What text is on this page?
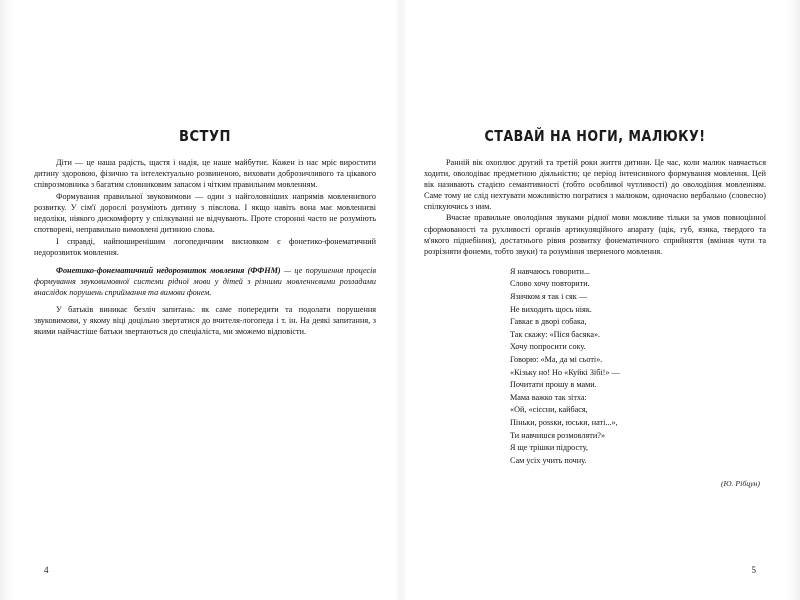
ВСТУП

Діти — це наша радість, щастя і надія, це наше майбутнє. Кожен із нас мріє виростити дитину здоровою, фізично та інтелектуально розвиненою, виховати доброзичливого та цікавого співрозмовника з багатим словниковим запасом і чітким правильним мовленням.

Формування правильної звуковимови — один з найголовніших напрямів мовленнєвого розвитку. У сім'ї дорослі розуміють дитину з півслова. І якщо навіть вона має мовленнєві недоліки, ніякого дискомфорту у спілкуванні не відчувають. Проте сторонні часто не розуміють спотворені, неправильно вимовлені дитиною слова.

І справді, найпоширенішим логопедичним висновком є фонетико-фонематичний недорозвиток мовлення.

Фонетико-фонематичний недорозвиток мовлення (ФФНМ) — це порушення процесів формування звуковимовної системи рідної мови у дітей з різними мовленнєвими розладами внаслідок порушень сприймання та вимови фонем.

У батьків виникає безліч запитань: як саме попередити та подолати порушення звуковимови, у якому віці доцільно звертатися до вчителя-логопеда і т. ін. На деякі запитання, з якими найчастіше батьки звертаються до спеціаліста, ми зможемо відповісти.

4
СТАВАЙ НА НОГИ, МАЛЮКУ!

Ранній вік охоплює другий та третій роки життя дитини. Це час, коли малюк навчається ходити, оволодіває предметною діяльністю; це період інтенсивного формування мовлення. Цей вік називають стадією семантивності (тобто особливої чутливості) до оволодіння мовленням. Саме тому не слід нехтувати можливістю погратися з малюком, одночасно вербально (словесно) спілкуючись з ним.

Вчасне правильне оволодіння звуками рідної мови можливе тільки за умов повноцінної сформованості та рухливості органів артикуляційного апарату (щік, губ, язика, твердого та м'якого піднебіння), достатнього рівня розвитку фонематичного сприйняття (вміння чути та розрізняти фонеми, тобто звуки) та розуміння зверненого мовлення.

Я навчаюсь говорити...
Слово хочу повторити.
Язичком я так і сяк —
Не виходить щось ніяк.
Гавкає в дворі собака,
Так скажу: «Піся басяка».
Хочу попросити соку.
Говорю: «Ма, да мі сьоті».
«Кізьку но! Но «Куйкі Зібі!» —
Почитати прошу в мами.
Мама важко так зітха:
«Ой, «сіссни, кайбася,
Піньки, possки, юськи, наті...»,
Ти навчишся розмовляти?»
Я ще трішки підросту,
Сам усіх учить почну.
(Ю. Рібцун)
5
